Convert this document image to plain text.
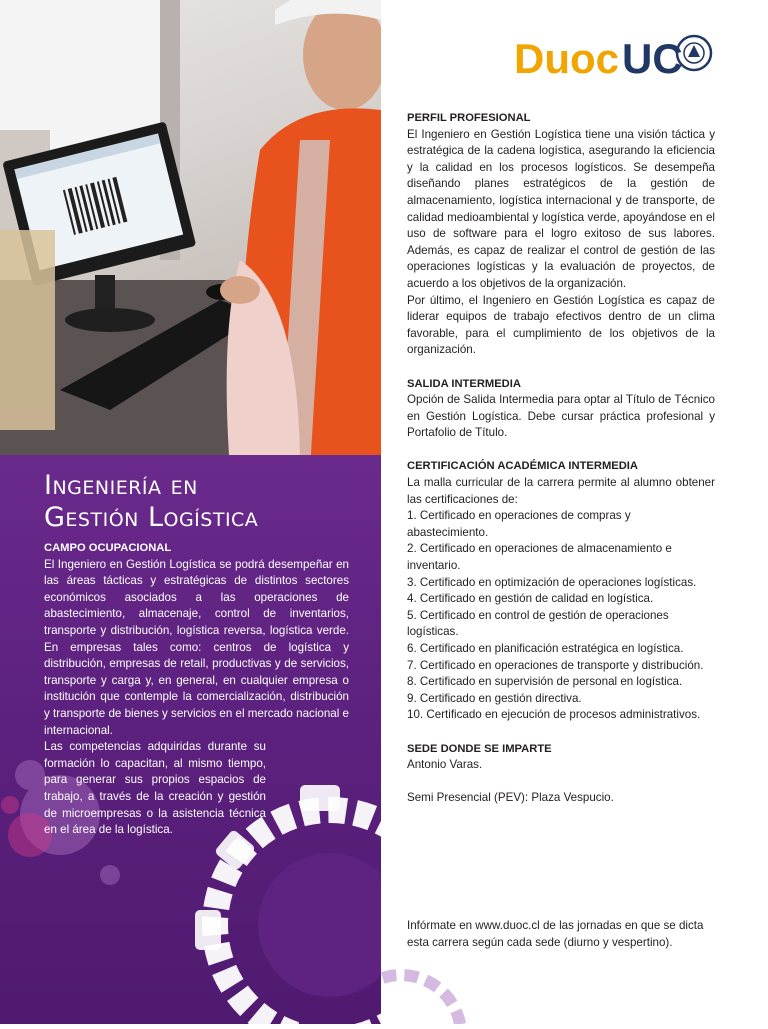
Ingeniería en
Gestión Logística
CAMPO OCUPACIONAL

El Ingeniero en Gestión Logística se podrá desempeñar en las áreas tácticas y estratégicas de distintos sectores económicos asociados a las operaciones de abastecimiento, almacenaje, control de inventarios, transporte y distribución, logística reversa, logística verde. En empresas tales como: centros de logística y distribución, empresas de retail, productivas y de servicios, transporte y carga y, en general, en cualquier empresa o institución que contemple la comercialización, distribución y transporte de bienes y servicios en el mercado nacional e internacional.

Las competencias adquiridas durante su formación lo capacitan, al mismo tiempo, para generar sus propios espacios de trabajo, a través de la creación y gestión de microempresas o la asistencia técnica en el área de la logística.

Duoc UC
PERFIL PROFESIONAL

El Ingeniero en Gestión Logística tiene una visión táctica y estratégica de la cadena logística, asegurando la eficiencia y la calidad en los procesos logísticos. Se desempeña diseñando planes estratégicos de la gestión de almacenamiento, logística internacional y de transporte, de calidad medioambiental y logística verde, apoyándose en el uso de software para el logro exitoso de sus labores. Además, es capaz de realizar el control de gestión de las operaciones logísticas y la evaluación de proyectos, de acuerdo a los objetivos de la organización.

Por último, el Ingeniero en Gestión Logística es capaz de liderar equipos de trabajo efectivos dentro de un clima favorable, para el cumplimiento de los objetivos de la organización.

SALIDA INTERMEDIA

Opción de Salida Intermedia para optar al Título de Técnico en Gestión Logística. Debe cursar práctica profesional y Portafolio de Título.

CERTIFICACIÓN ACADÉMICA INTERMEDIA

La malla curricular de la carrera permite al alumno obtener las certificaciones de:

1. Certificado en operaciones de compras y abastecimiento.
2. Certificado en operaciones de almacenamiento e inventario.
3. Certificado en optimización de operaciones logísticas.
4. Certificado en gestión de calidad en logística.
5. Certificado en control de gestión de operaciones logísticas.
6. Certificado en planificación estratégica en logística.
7. Certificado en operaciones de transporte y distribución.
8. Certificado en supervisión de personal en logística.
9. Certificado en gestión directiva.
10. Certificado en ejecución de procesos administrativos.
SEDE DONDE SE IMPARTE

Antonio Varas.

Semi Presencial (PEV): Plaza Vespucio.

Infórmate en www.duoc.cl de las jornadas en que se dicta esta carrera según cada sede (diurno y vespertino).
